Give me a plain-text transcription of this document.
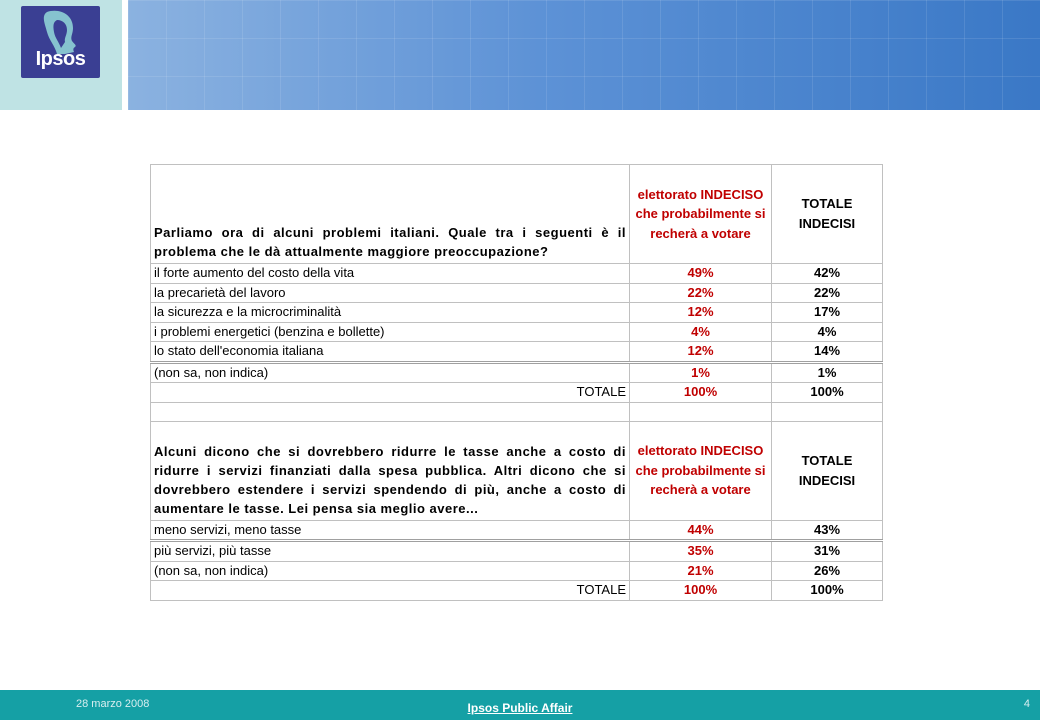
Ipsos
Parliamo ora di alcuni problemi italiani. Quale tra i seguenti è il problema che le dà attualmente maggiore preoccupazione?	elettorato INDECISO che probabilmente si recherà a votare	TOTALE INDECISI
il forte aumento del costo della vita	49%	42%
la precarietà del lavoro	22%	22%
la sicurezza e la microcriminalità	12%	17%
i problemi energetici (benzina e bollette)	4%	4%
lo stato dell'economia italiana	12%	14%
(non sa, non indica)	1%	1%
TOTALE	100%	100%

Alcuni dicono che si dovrebbero ridurre le tasse anche a costo di ridurre i servizi finanziati dalla spesa pubblica. Altri dicono che si dovrebbero estendere i servizi spendendo di più, anche a costo di aumentare le tasse. Lei pensa sia meglio avere...	elettorato INDECISO che probabilmente si recherà a votare	TOTALE INDECISI
meno servizi, meno tasse	44%	43%
più servizi, più tasse	35%	31%
(non sa, non indica)	21%	26%
TOTALE	100%	100%
28 marzo 2008	Ipsos Public Affair	4
